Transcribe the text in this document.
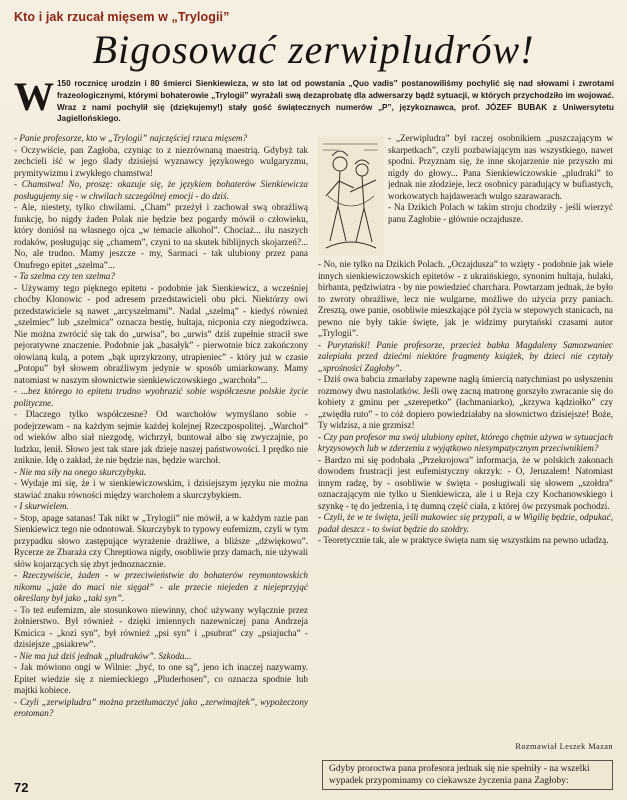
Kto i jak rzucał mięsem w „Trylogii”
Bigosować zerwipludrów!
W 150 rocznicę urodzin i 80 śmierci Sienkiewicza, w sto lat od powstania „Quo vadis” postanowiliśmy pochylić się nad słowami i zwrotami frazeologicznymi, którymi bohaterowie „Trylogii” wyrażali swą dezaprobatę dla adwersarzy bądź sytuacji, w których przychodziło im wojować. Wraz z nami pochylił się (dziękujemy!) stały gość świątecznych numerów „P”, językoznawca, prof. JÓZEF BUBAK z Uniwersytetu Jagiellońskiego.

- Panie profesorze, kto w „Trylogii” najczęściej rzuca mięsem?

- Oczywiście, pan Zagłoba, czyniąc to z niezrównaną maestrią. Gdybyż tak zechcieli iść w jego ślady dzisiejsi wyznawcy językowego wulgaryzmu, prymitywizmu i zwykłego chamstwa!

- Chamstwa! No, proszę: okazuje się, że językiem bohaterów Sienkiewicza posługujemy się - w chwilach szczególnej emocji - do dziś.

- Ale, niestety, tylko chwilami. „Cham” przeżył i zachował swą obraźliwą funkcję, bo nigdy żaden Polak nie będzie bez pogardy mówił o człowieku, który doniósł na własnego ojca „w temacie alkohol”. Chociaż... ilu naszych rodaków, posługując się „chamem”, czyni to na skutek biblijnych skojarzeń?... No, ale trudno. Mamy jeszcze - my, Sarmaci - tak ulubiony przez pana Onufrego epitet „szelma”...

- Ta szelma czy ten szelma?

- Używamy tego pięknego epitetu - podobnie jak Sienkiewicz, a wcześniej choćby Klonowic - pod adresem przedstawicieli obu płci. Niektórzy owi przedstawiciele są nawet „arcyszelmami”. Nadal „szelmą” - kiedyś również „szelmiec” lub „szelmica” oznacza bestię, hultaja, nicponia czy niegodziwca. Nie można zwrócić się tak do „urwisa”, bo „urwis” dziś zupełnie stracił swe pejoratywne znaczenie. Podobnie jak „basałyk” - pierwotnie bicz zakończony ołowianą kulą, a potem „bąk uprzykrzony, utrapieniec” - który już w czasie „Potopu” był słowem obraźliwym jedynie w sposób umiarkowany. Mamy natomiast w naszym słownictwie sienkiewiczowskiego „warchoła”...

- ...bez którego to epitetu trudno wyobrazić sobie współczesne polskie życie polityczne.

- Dlaczego tylko współczesne? Od warchołów wymyślano sobie - podejrzewam - na każdym sejmie każdej kolejnej Rzeczpospolitej. „Warchoł” od wieków albo siał niezgodę, wichrzył, buntował albo się zwyczajnie, po ludzku, lenił. Słowo jest tak stare jak dzieje naszej państwowości. I prędko nie zniknie. Idę o zakład, że nie będzie nas, będzie warchoł.

- Nie ma siły na onego skurczybyka.

- Wydaje mi się, że i w sienkiewiczowskim, i dzisiejszym języku nie można stawiać znaku równości między warchołem a skurczybykiem.

- I skurwielem.

- Stop, apage satanas! Tak nikt w „Trylogii” nie mówił, a w każdym razie pan Sienkiewicz tego nie odnotował. Skurczybyk to typowy eufemizm, czyli w tym przypadku słowo zastępujące wyrażenie drażliwe, a bliższe „dźwiękowo”. Rycerze ze Zbaraża czy Chreptiowa nigdy, osobliwie przy damach, nie używali słów kojarzących się zbyt jednoznacznie.

- Rzeczywiście, żaden - w przeciwieństwie do bohaterów reymontowskich nikomu „jaże do maci nie sięgał” - ale przecie niejeden z niejeprzyjąć określany był jako „taki syn”.

- To też eufemizm, ale stosunkowo niewinny, choć używany wyłącznie przez żołnierstwo. Był również - dzięki imiennych nazewniczej pana Andrzeja Kmicica - „kozi syn”, był również „psi syn” i „psubrat” czy „psiajucha” - dzisiejsze „psiakrew”.

- Nie ma już dziś jednak „pludraków”. Szkoda...

- Jak mówiono ongi w Wilnie: „być, to one są”, jeno ich inaczej nazywamy. Epitet wiedzie się z niemieckiego „Pluderhosen”, co oznacza spodnie lub majtki kobiece.

- Czyli „zerwipludra” można przetłumaczyć jako „zerwimajtek”, wypożeczony erotoman?

- „Zerwipludra” był raczej osobnikiem „puszczającym w skarpetkach”, czyli pozbawiającym nas wszystkiego, nawet spodni. Przyznam się, że inne skojarzenie nie przyszło mi nigdy do głowy... Pana Sienkiewiczowskie „pludraki” to jednak nie złodzieje, lecz osobnicy paradujący w bufiastych, workowatych hajdawerach wulgo szarawarach.

- Na Dzikich Polach w takim stroju chodziły - jeśli wierzyć panu Zagłobie - głównie oczajdusze.

- No, nie tylko na Dzikich Polach. „Oczajdusza” to wzięty - podobnie jak wiele innych sienkiewiczowskich epitetów - z ukraińskiego, synonim hultaja, hulaki, birbanta, pędziwiatra - by nie powiedzieć charchara. Powtarzam jednak, że było to zwroty obraźliwe, lecz nie wulgarne, możliwe do użycia przy paniach. Zresztą, owe panie, osobliwie mieszkające pół życia w stepowych stanicach, na pewno nie były takie święte, jak je widzimy purytański czasami autor „Trylogii”.

- Purytański! Panie profesorze, przecież babka Magdaleny Samozwaniec zalepiała przed dziećmi niektóre fragmenty książek, by dzieci nie czytały „sprośności Zagłoby”.

- Dziś owa babcia zmarłaby zapewne nagłą śmiercią natychmiast po usłyszeniu rozmowy dwu nastolatków. Jeśli owę zacną matronę gorszyło zwracanie się do kobiety z gminu per „szerepetko” (łachmaniarko), „krzywa kądziołko” czy „zwiędła ruto” - to cóż dopiero powiedziałaby na słownictwo dzisiejsze! Boże, Ty widzisz, a nie grzmisz!

- Czy pan profesor ma swój ulubiony epitet, którego chętnie używa w sytuacjach kryzysowych lub w zderzeniu z wyjątkowo niesympatycznym przeciwnikiem?

- Bardzo mi się podobała „Przekrojowa” informacja, że w polskich zakonach dowodem frustracji jest eufemistyczny okrzyk: - O, Jeruzalem! Natomiast innym radzę, by - osobliwie w święta - posługiwali się słowem „szołdra” oznaczającym nie tylko u Sienkiewicza, ale i u Reja czy Kochanowskiego i szynkę - tę do jedzenia, i tę dumną część ciała, z której ów przysmak pochodzi.

- Czyli, że w te święta, jeśli makowiec się przypali, a w Wigilię będzie, odpukać, padał deszcz - to świat będzie do szołdry.

- Teoretycznie tak, ale w praktyce święta nam się wszystkim na pewno udadzą.

Rozmawiał Leszek Mazan
Gdyby proroctwa pana profesora jednak się nie spełniły - na wszelki wypadek przypominamy co ciekawsze życzenia pana Zagłoby:
72
